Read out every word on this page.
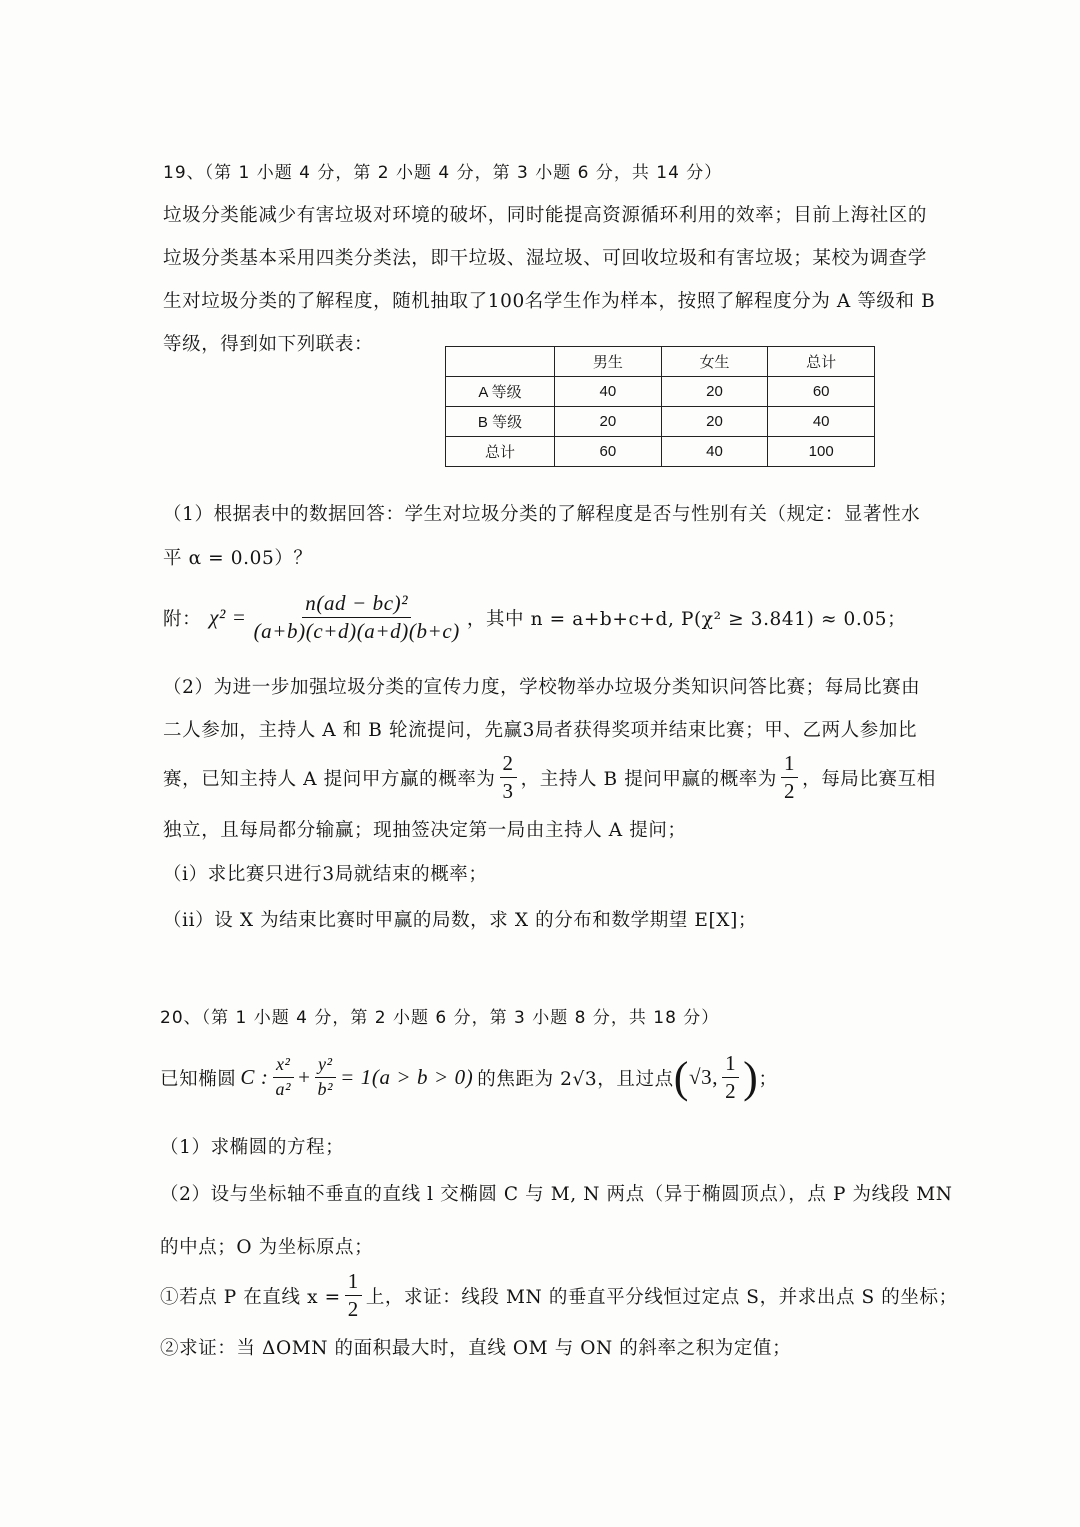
19、（第 1 小题 4 分，第 2 小题 4 分，第 3 小题 6 分，共 14 分）
垃圾分类能减少有害垃圾对环境的破坏，同时能提高资源循环利用的效率；目前上海社区的
垃圾分类基本采用四类分类法，即干垃圾、湿垃圾、可回收垃圾和有害垃圾；某校为调查学
生对垃圾分类的了解程度，随机抽取了100名学生作为样本，按照了解程度分为 A 等级和 B
等级，得到如下列联表：
	男生	女生	总计
A 等级	40	20	60
B 等级	20	20	40
总计	60	40	100
（1）根据表中的数据回答：学生对垃圾分类的了解程度是否与性别有关（规定：显著性水
平 α = 0.05）？
附： $\chi^2 = \frac{\text{n(ad − bc)²}}{(a+b)(c+d)(a+d)(b+c)}$ ，其中 n = a+b+c+d, P(χ² ≥ 3.841) ≈ 0.05；
（2）为进一步加强垃圾分类的宣传力度，学校物举办垃圾分类知识问答比赛；每局比赛由
二人参加，主持人 A 和 B 轮流提问，先赢3局者获得奖项并结束比赛；甲、乙两人参加比
赛，已知主持人 A 提问甲方赢的概率为 $\frac{2}{3}$ ，主持人 B 提问甲赢的概率为 $\frac{1}{2}$ ，每局比赛互相
独立，且每局都分输赢；现抽签决定第一局由主持人 A 提问；
（i）求比赛只进行3局就结束的概率；
（ii）设 X 为结束比赛时甲赢的局数，求 X 的分布和数学期望 E[X]；
20、（第 1 小题 4 分，第 2 小题 6 分，第 3 小题 8 分，共 18 分）
已知椭圆 C : $\frac{\text{x²}}{\text{a²}} + \frac{\text{y²}}{\text{b²}} = 1(a > b > 0)$ 的焦距为 2√3，且过点 ( √3, $\frac{1}{2}$ ) ；
（1）求椭圆的方程；
（2）设与坐标轴不垂直的直线 l 交椭圆 C 与 M, N 两点（异于椭圆顶点），点 P 为线段 MN
的中点；O 为坐标原点；
①若点 P 在直线 $x = \frac{1}{2}$ 上，求证：线段 MN 的垂直平分线恒过定点 S，并求出点 S 的坐标；
②求证：当 ΔOMN 的面积最大时，直线 OM 与 ON 的斜率之积为定值；
